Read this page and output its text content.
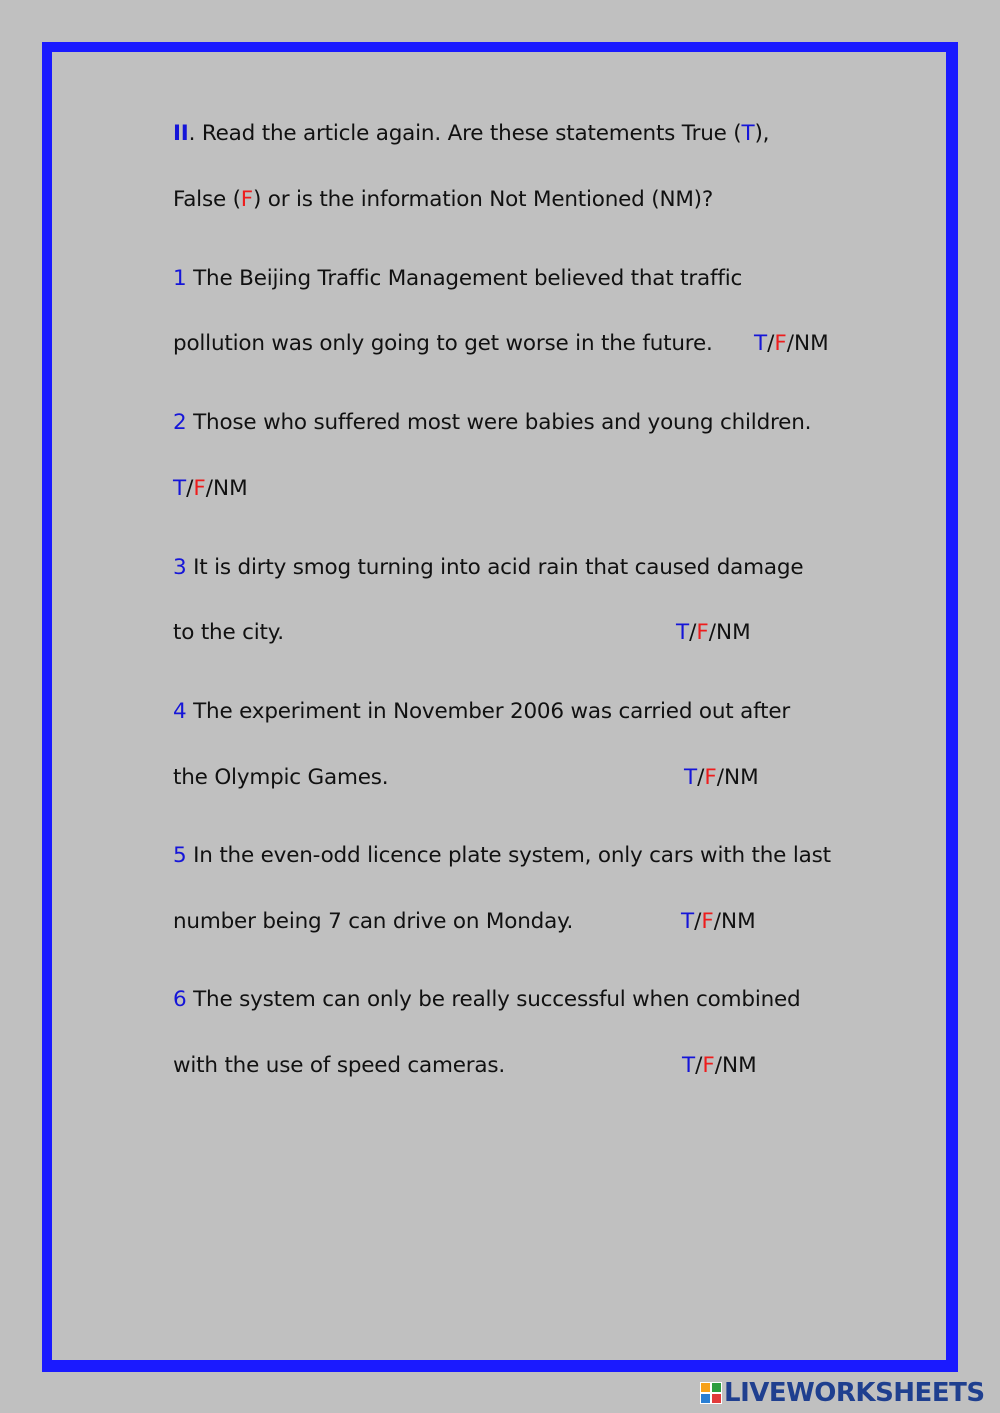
II. Read the article again. Are these statements True (T),
False (F) or is the information Not Mentioned (NM)?
1 The Beijing Traffic Management believed that traffic
pollution was only going to get worse in the future. T/F/NM
2 Those who suffered most were babies and young children.
T/F/NM
3 It is dirty smog turning into acid rain that caused damage
to the city.	T/F/NM
4 The experiment in November 2006 was carried out after
the Olympic Games.	T/F/NM
5 In the even-odd licence plate system, only cars with the last
number being 7 can drive on Monday.	T/F/NM
6 The system can only be really successful when combined
with the use of speed cameras.	T/F/NM
LIVEWORKSHEETS
